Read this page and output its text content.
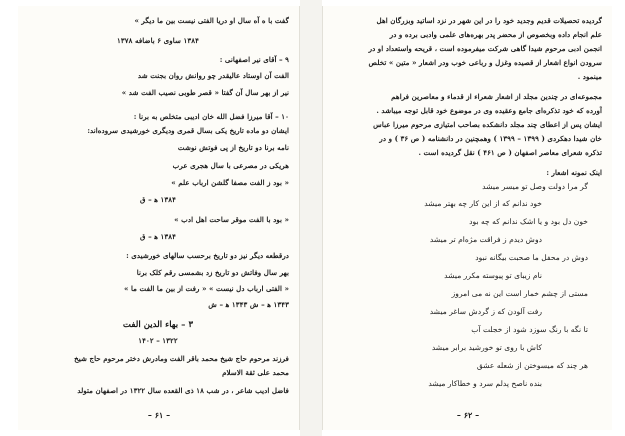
گفت با ه آه سال او دریا الفتی نیست بین ما دیگر »
۱۳۸۴ ساوی ۶ باضافه ۱۳۷۸
۹ – آقای نیر اصفهانی :
الفت آن اوستاد عالیقدر چو روانش روان بجنت شد
نیر از بهر سال آن گفتا « قصر طوبی نصیب الفت شد »
۱۰ – آقا میرزا فضل الله خان ادیبی متخلص به برنا :
ایشان دو ماده تاریخ یکی بسال قمری ودیگری خورشیدی سروده‌اند:
نامه برنا دو تاریخ از پی فوتش نوشت
هریکی در مصرعی با سال هجری عرب
« بود ز الفت مصفا گلشن ارباب علم »
۱۳۸۴ ه‍ – ق
« بود با الفت موقر ساحت اهل ادب »
۱۳۸۴ ه‍ – ق
درقطعه دیگر نیز دو تاریخ برحسب سالهای خورشیدی :
بهر سال وفاتش دو تاریخ زد بشمسی رقم کلک برنا
« الفتی ارباب دل نیست » « رفت از بین ما الفت ما »
۱۳۴۳ ه‍ – ش ۱۳۴۳ ه‍ – ش
۳ – بهاء الدین الفت
۱۳۲۲ – ۱۴۰۲
فرزند مرحوم حاج شیخ محمد باقر الفت ومادرش دختر مرحوم حاج شیخ
محمد علی ثقة الاسلام
فاضل ادیب شاعر ، در شب ۱۸ ذی القعده سال ۱۳۲۲ در اصفهان متولد
– ۶۱ –
گردیده تحصیلات قدیم وجدید خود را در این شهر در نزد اساتید وبزرگان اهل
علم انجام داده وبخصوص از محضر پدر بهره‌های علمی وادبی برده و در
انجمن ادبی مرحوم شیدا گاهی شرکت میفرموده است ، قریحه واستعداد او در
سرودن انواع اشعار از قصیده وغزل و رباعی خوب ودر اشعار « متین » تخلص
مینمود .
مجموعه‌ای در چندین مجلد از اشعار شعراء از قدماء و معاصرین فراهم
آورده که خود تذکره‌ای جامع وعقیده وی در موضوع خود قابل توجه میباشد .
ایشان پس از اعطای چند مجلد دانشکده بصاحب امتیازی مرحوم میرزا عباس
خان شیدا دهکردی ( ۱۳۹۹ – ۱۳۹۹ ) وهمچنین در دانشنامه ( ص ۳۶ ) و در
تذکره شعرای معاصر اصفهان ( ص ۴۶۱ ) نقل گردیده است .
اینک نمونه اشعار :
گر مرا دولت وصل تو میسر میشد
خود ندانم که از این کار چه بهتر میشد
خون دل بود و یا اشک ندانم که چه بود
دوش دیدم ز فراقت مژه‌ام تر میشد
دوش در محفل ما صحبت بیگانه نبود
نام زیبای تو پیوسته مکرر میشد
مستی از چشم خمار است این نه می امروز
رفت آلودن که ز گردش ساغر میشد
تا نگه با رنگ سوزد شود از خجلت آب
کاش با روی تو خورشید برابر میشد
هر چند که میسوختن از شعله عشق
بنده ناصح پدلم سرد و خطاکار میشد
– ۶۲ –
